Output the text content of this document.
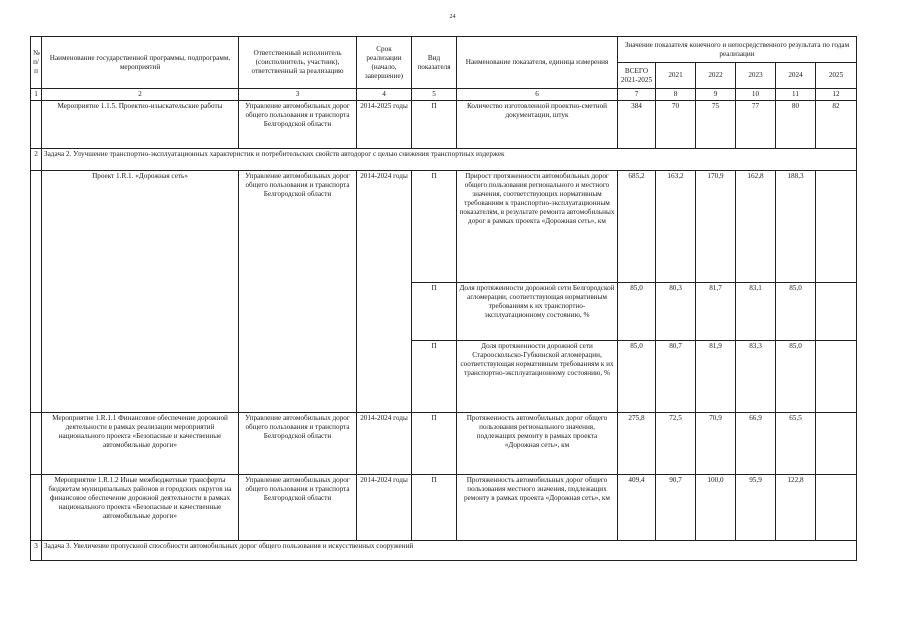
24
№ п/п	Наименование государственной программы, подпрограмм, мероприятий	Ответственный исполнитель (соисполнитель, участник), ответственный за реализацию	Срок реализации (начало, завершение)	Вид показателя	Наименование показателя, единица измерения	Значение показателя конечного и непосредственного результата по годам реализации					
						ВСЕГО 2021-2025	2021	2022	2023	2024	2025
1	2	3	4	5	6	7	8	9	10	11	12
	Мероприятие 1.1.5. Проектно-изыскательские работы	Управление автомобильных дорог общего пользования и транспорта Белгородской области	2014-2025 годы	П	Количество изготовленной проектно-сметной документации, штук	384	70	75	77	80	82
2	Задача 2. Улучшение транспортно-эксплуатационных характеристик и потребительских свойств автодорог с целью снижения транспортных издержек										
	Проект 1.R.1. «Дорожная сеть»	Управление автомобильных дорог общего пользования и транспорта Белгородской области	2014-2024 годы	П	Прирост протяженности автомобильных дорог общего пользования регионального и местного значения, соответствующих нормативным требованиям к транспортно-эксплуатационным показателям, в результате ремонта автомобильных дорог в рамках проекта «Дорожная сеть», км	685,2	163,2	170,9	162,8	188,3	
				П	Доля протяженности дорожной сети Белгородской агломерации, соответствующая нормативным требованиям к их транспортно-эксплуатационному состоянию, %	85,0	80,3	81,7	83,1	85,0	
				П	Доля протяженности дорожной сети Старооскольско-Губкинской агломерации, соответствующая нормативным требованиям к их транспортно-эксплуатационному состоянию, %	85,0	80,7	81,9	83,3	85,0	
	Мероприятие 1.R.1.1 Финансовое обеспечение дорожной деятельности в рамках реализации мероприятий национального проекта «Безопасные и качественные автомобильные дороги»	Управление автомобильных дорог общего пользования и транспорта Белгородской области	2014-2024 годы	П	Протяженность автомобильных дорог общего пользования регионального значения, подлежащих ремонту в рамках проекта «Дорожная сеть», км	275,8	72,5	70,9	66,9	65,5	
	Мероприятие 1.R.1.2 Иные межбюджетные трансферты бюджетам муниципальных районов и городских округов на финансовое обеспечение дорожной деятельности в рамках национального проекта «Безопасные и качественные автомобильные дороги»	Управление автомобильных дорог общего пользования и транспорта Белгородской области	2014-2024 годы	П	Протяженность автомобильных дорог общего пользования местного значения, подлежащих ремонту в рамках проекта «Дорожная сеть», км	409,4	90,7	100,0	95,9	122,8	
3	Задача 3. Увеличение пропускной способности автомобильных дорог общего пользования и искусственных сооружений										
